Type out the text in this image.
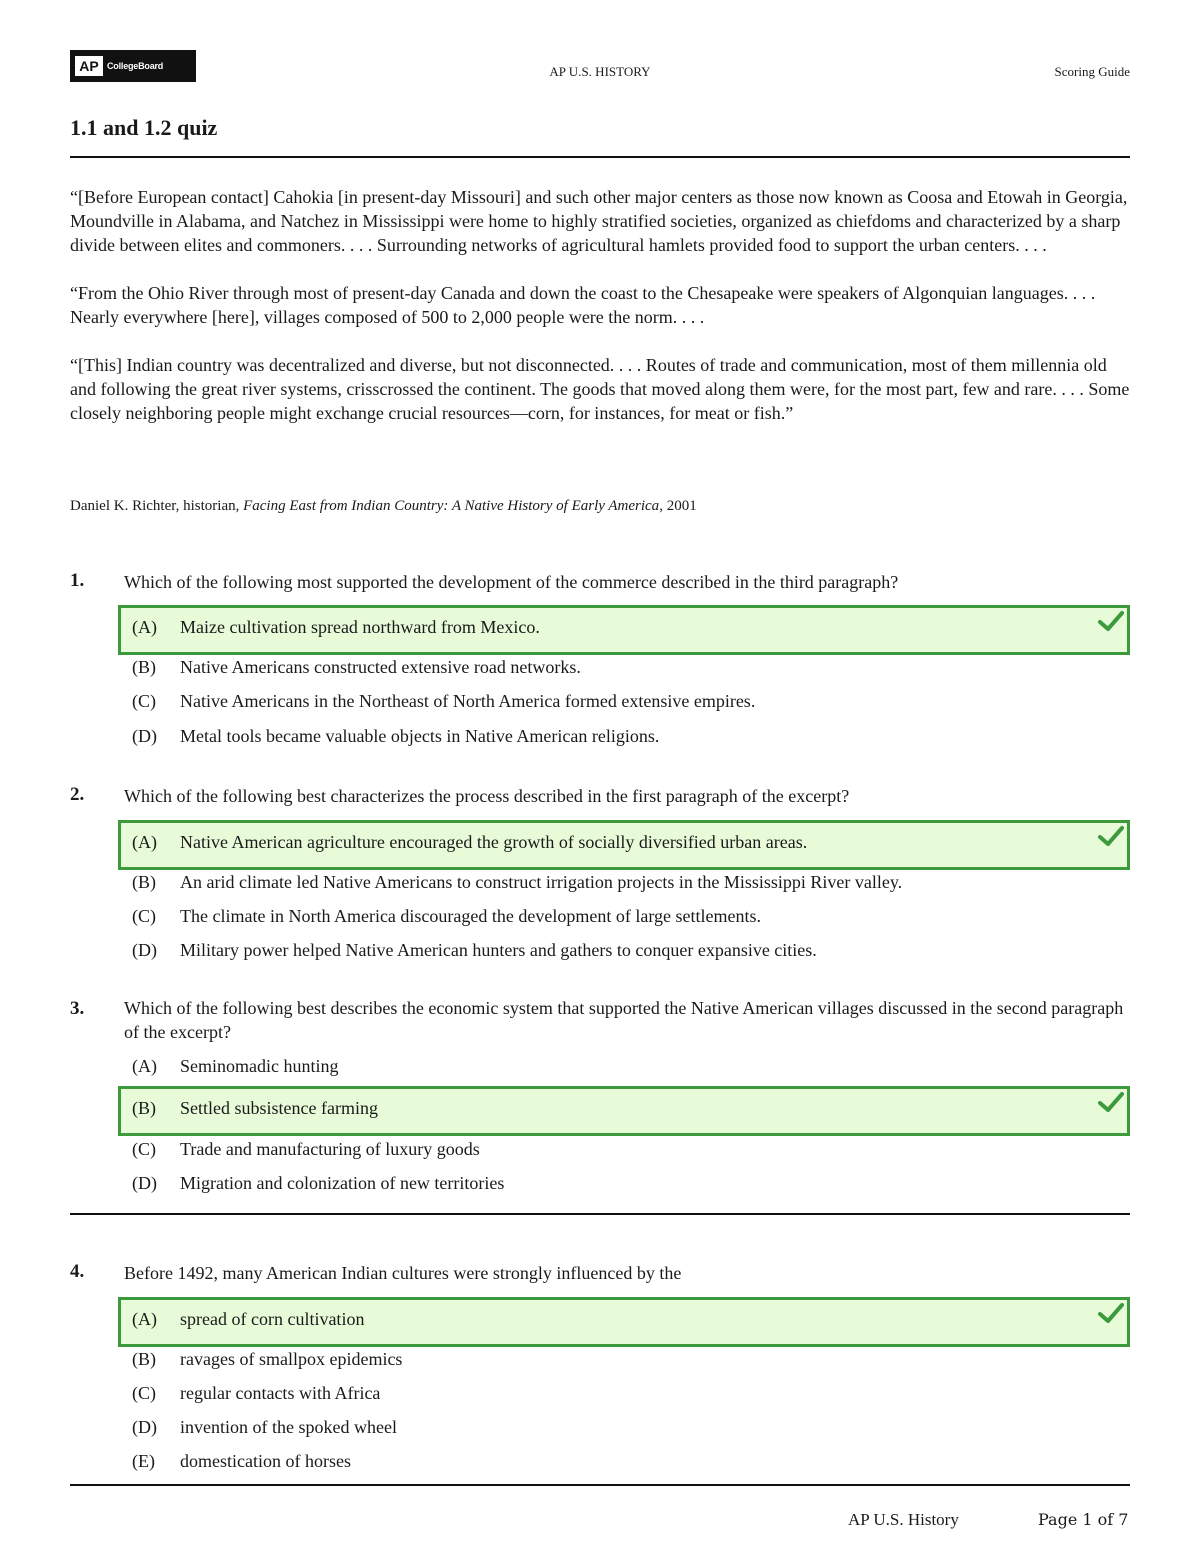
AP CollegeBoard	AP U.S. HISTORY	Scoring Guide
1.1 and 1.2 quiz

“[Before European contact] Cahokia [in present-day Missouri] and such other major centers as those now known as Coosa and Etowah in Georgia, Moundville in Alabama, and Natchez in Mississippi were home to highly stratified societies, organized as chiefdoms and characterized by a sharp divide between elites and commoners. . . . Surrounding networks of agricultural hamlets provided food to support the urban centers. . . .

“From the Ohio River through most of present-day Canada and down the coast to the Chesapeake were speakers of Algonquian languages. . . . Nearly everywhere [here], villages composed of 500 to 2,000 people were the norm. . . .

“[This] Indian country was decentralized and diverse, but not disconnected. . . . Routes of trade and communication, most of them millennia old and following the great river systems, crisscrossed the continent. The goods that moved along them were, for the most part, few and rare. . . . Some closely neighboring people might exchange crucial resources—corn, for instances, for meat or fish.”

Daniel K. Richter, historian, Facing East from Indian Country: A Native History of Early America, 2001
1. Which of the following most supported the development of the commerce described in the third paragraph?
(A) Maize cultivation spread northward from Mexico.
(B) Native Americans constructed extensive road networks.
(C) Native Americans in the Northeast of North America formed extensive empires.
(D) Metal tools became valuable objects in Native American religions.
2. Which of the following best characterizes the process described in the first paragraph of the excerpt?
(A) Native American agriculture encouraged the growth of socially diversified urban areas.
(B) An arid climate led Native Americans to construct irrigation projects in the Mississippi River valley.
(C) The climate in North America discouraged the development of large settlements.
(D) Military power helped Native American hunters and gathers to conquer expansive cities.
3. Which of the following best describes the economic system that supported the Native American villages discussed in the second paragraph of the excerpt?
(A) Seminomadic hunting
(B) Settled subsistence farming
(C) Trade and manufacturing of luxury goods
(D) Migration and colonization of new territories
4. Before 1492, many American Indian cultures were strongly influenced by the
(A) spread of corn cultivation
(B) ravages of smallpox epidemics
(C) regular contacts with Africa
(D) invention of the spoked wheel
(E) domestication of horses
AP U.S. History	Page 1 of 7
